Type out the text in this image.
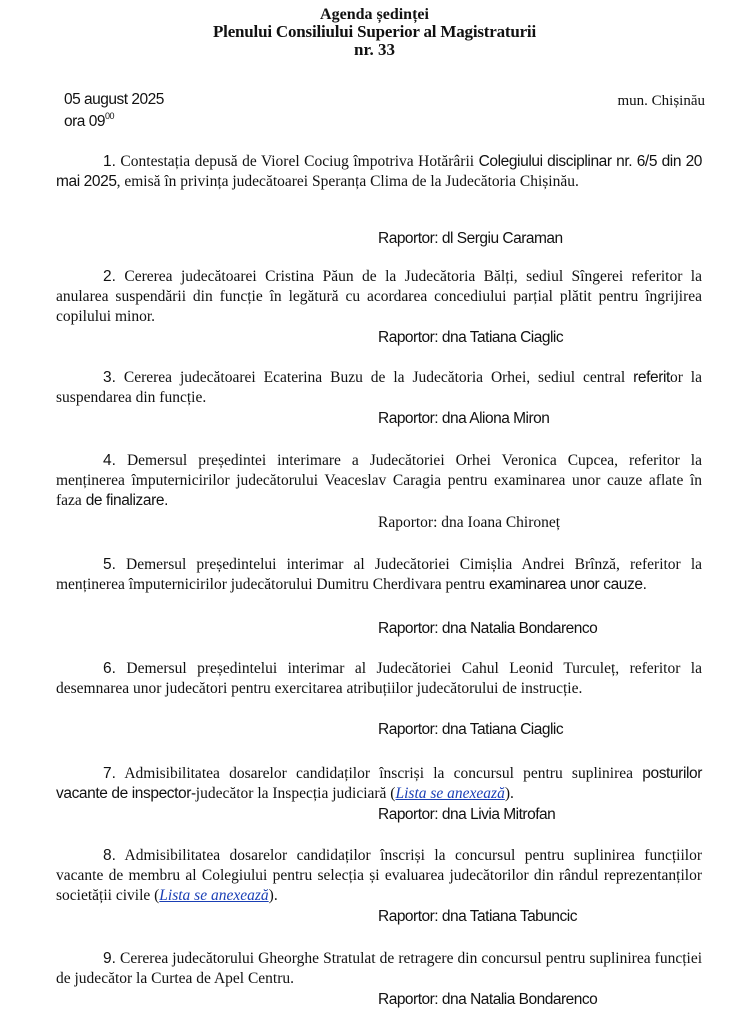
Agenda ședinței
Plenului Consiliului Superior al Magistraturii
nr. 33
05 august 2025
ora $09^{00}$
mun. Chișinău

1. Contestația depusă de Viorel Cociug împotriva Hotărârii Colegiului disciplinar nr. 6/5 din 20 mai 2025, emisă în privința judecătoarei Speranța Clima de la Judecătoria Chișinău.

Raportor: dl Sergiu Caraman

2. Cererea judecătoarei Cristina Păun de la Judecătoria Bălți, sediul Sîngerei referitor la anularea suspendării din funcție în legătură cu acordarea concediului parțial plătit pentru îngrijirea copilului minor.

Raportor: dna Tatiana Ciaglic

3. Cererea judecătoarei Ecaterina Buzu de la Judecătoria Orhei, sediul central referitor la suspendarea din funcție.

Raportor: dna Aliona Miron

4. Demersul președintei interimare a Judecătoriei Orhei Veronica Cupcea, referitor la menținerea împuternicirilor judecătorului Veaceslav Caragia pentru examinarea unor cauze aflate în faza de finalizare.

Raportor: dna Ioana Chironeț

5. Demersul președintelui interimar al Judecătoriei Cimișlia Andrei Brînză, referitor la menținerea împuternicirilor judecătorului Dumitru Cherdivara pentru examinarea unor cauze.

Raportor: dna Natalia Bondarenco

6. Demersul președintelui interimar al Judecătoriei Cahul Leonid Turculeț, referitor la desemnarea unor judecători pentru exercitarea atribuțiilor judecătorului de instrucție.

Raportor: dna Tatiana Ciaglic

7. Admisibilitatea dosarelor candidaților înscriși la concursul pentru suplinirea posturilor vacante de inspector-judecător la Inspecția judiciară (Lista se anexează).

Raportor: dna Livia Mitrofan

8. Admisibilitatea dosarelor candidaților înscriși la concursul pentru suplinirea funcțiilor vacante de membru al Colegiului pentru selecția și evaluarea judecătorilor din rândul reprezentanților societății civile (Lista se anexează).

Raportor: dna Tatiana Tabuncic

9. Cererea judecătorului Gheorghe Stratulat de retragere din concursul pentru suplinirea funcției de judecător la Curtea de Apel Centru.

Raportor: dna Natalia Bondarenco
